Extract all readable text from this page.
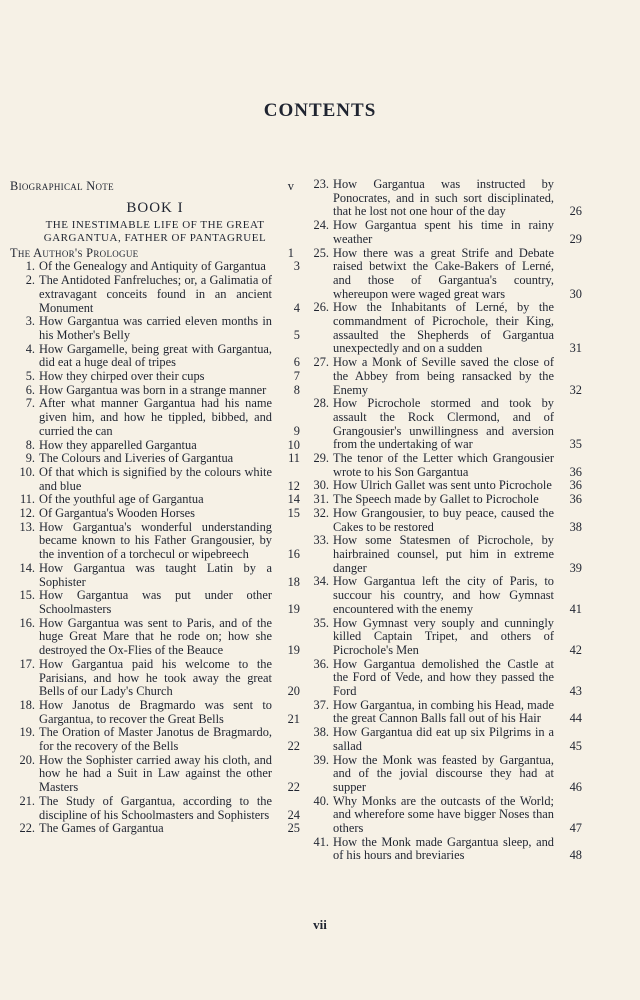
CONTENTS
Biographical Note	v
BOOK I
THE INESTIMABLE LIFE OF THE GREAT GARGANTUA, FATHER OF PANTAGRUEL
The Author's Prologue	1
1. Of the Genealogy and Antiquity of Gargantua	3
2. The Antidoted Fanfreluches; or, a Galimatia of extravagant conceits found in an ancient Monument	4
3. How Gargantua was carried eleven months in his Mother's Belly	5
4. How Gargamelle, being great with Gargantua, did eat a huge deal of tripes	6
5. How they chirped over their cups	7
6. How Gargantua was born in a strange manner	8
7. After what manner Gargantua had his name given him, and how he tippled, bibbed, and curried the can	9
8. How they apparelled Gargantua	10
9. The Colours and Liveries of Gargantua	11
10. Of that which is signified by the colours white and blue	12
11. Of the youthful age of Gargantua	14
12. Of Gargantua's Wooden Horses	15
13. How Gargantua's wonderful understanding became known to his Father Grangousier, by the invention of a torchecul or wipebreech	16
14. How Gargantua was taught Latin by a Sophister	18
15. How Gargantua was put under other Schoolmasters	19
16. How Gargantua was sent to Paris, and of the huge Great Mare that he rode on; how she destroyed the Ox-Flies of the Beauce	19
17. How Gargantua paid his welcome to the Parisians, and how he took away the great Bells of our Lady's Church	20
18. How Janotus de Bragmardo was sent to Gargantua, to recover the Great Bells	21
19. The Oration of Master Janotus de Bragmardo, for the recovery of the Bells	22
20. How the Sophister carried away his cloth, and how he had a Suit in Law against the other Masters	22
21. The Study of Gargantua, according to the discipline of his Schoolmasters and Sophisters	24
22. The Games of Gargantua	25
23. How Gargantua was instructed by Ponocrates, and in such sort disciplinated, that he lost not one hour of the day	26
24. How Gargantua spent his time in rainy weather	29
25. How there was a great Strife and Debate raised betwixt the Cake-Bakers of Lerné, and those of Gargantua's country, whereupon were waged great wars	30
26. How the Inhabitants of Lerné, by the commandment of Picrochole, their King, assaulted the Shepherds of Gargantua unexpectedly and on a sudden	31
27. How a Monk of Seville saved the close of the Abbey from being ransacked by the Enemy	32
28. How Picrochole stormed and took by assault the Rock Clermond, and of Grangousier's unwillingness and aversion from the undertaking of war	35
29. The tenor of the Letter which Grangousier wrote to his Son Gargantua	36
30. How Ulrich Gallet was sent unto Picrochole	36
31. The Speech made by Gallet to Picrochole	36
32. How Grangousier, to buy peace, caused the Cakes to be restored	38
33. How some Statesmen of Picrochole, by hairbrained counsel, put him in extreme danger	39
34. How Gargantua left the city of Paris, to succour his country, and how Gymnast encountered with the enemy	41
35. How Gymnast very souply and cunningly killed Captain Tripet, and others of Picrochole's Men	42
36. How Gargantua demolished the Castle at the Ford of Vede, and how they passed the Ford	43
37. How Gargantua, in combing his Head, made the great Cannon Balls fall out of his Hair	44
38. How Gargantua did eat up six Pilgrims in a sallad	45
39. How the Monk was feasted by Gargantua, and of the jovial discourse they had at supper	46
40. Why Monks are the outcasts of the World; and wherefore some have bigger Noses than others	47
41. How the Monk made Gargantua sleep, and of his hours and breviaries	48
vii
